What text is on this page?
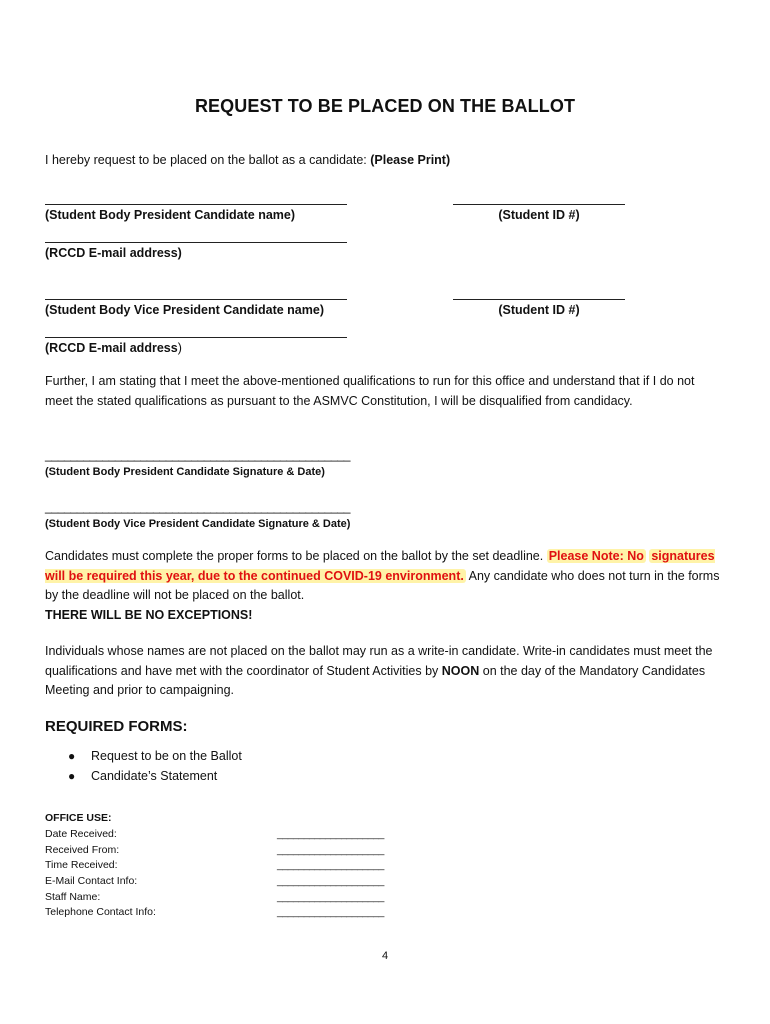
REQUEST TO BE PLACED ON THE BALLOT
I hereby request to be placed on the ballot as a candidate: (Please Print)
(Student Body President Candidate name)	(Student ID #)
(RCCD E-mail address)
(Student Body Vice President Candidate name)	(Student ID #)
(RCCD E-mail address)
Further, I am stating that I meet the above-mentioned qualifications to run for this office and understand that if I do not meet the stated qualifications as pursuant to the ASMVC Constitution, I will be disqualified from candidacy.
________________________________________________
(Student Body President Candidate Signature & Date)
________________________________________________
(Student Body Vice President Candidate Signature & Date)
Candidates must complete the proper forms to be placed on the ballot by the set deadline. Please Note: No signatures will be required this year, due to the continued COVID-19 environment. Any candidate who does not turn in the forms by the deadline will not be placed on the ballot.
THERE WILL BE NO EXCEPTIONS!
Individuals whose names are not placed on the ballot may run as a write-in candidate. Write-in candidates must meet the qualifications and have met with the coordinator of Student Activities by NOON on the day of the Mandatory Candidates Meeting and prior to campaigning.
REQUIRED FORMS:
●	Request to be on the Ballot
●	Candidate’s Statement
OFFICE USE:
Date Received:	____________________
Received From:	____________________
Time Received:	____________________
E-Mail Contact Info:	____________________
Staff Name:	____________________
Telephone Contact Info:	____________________
4
